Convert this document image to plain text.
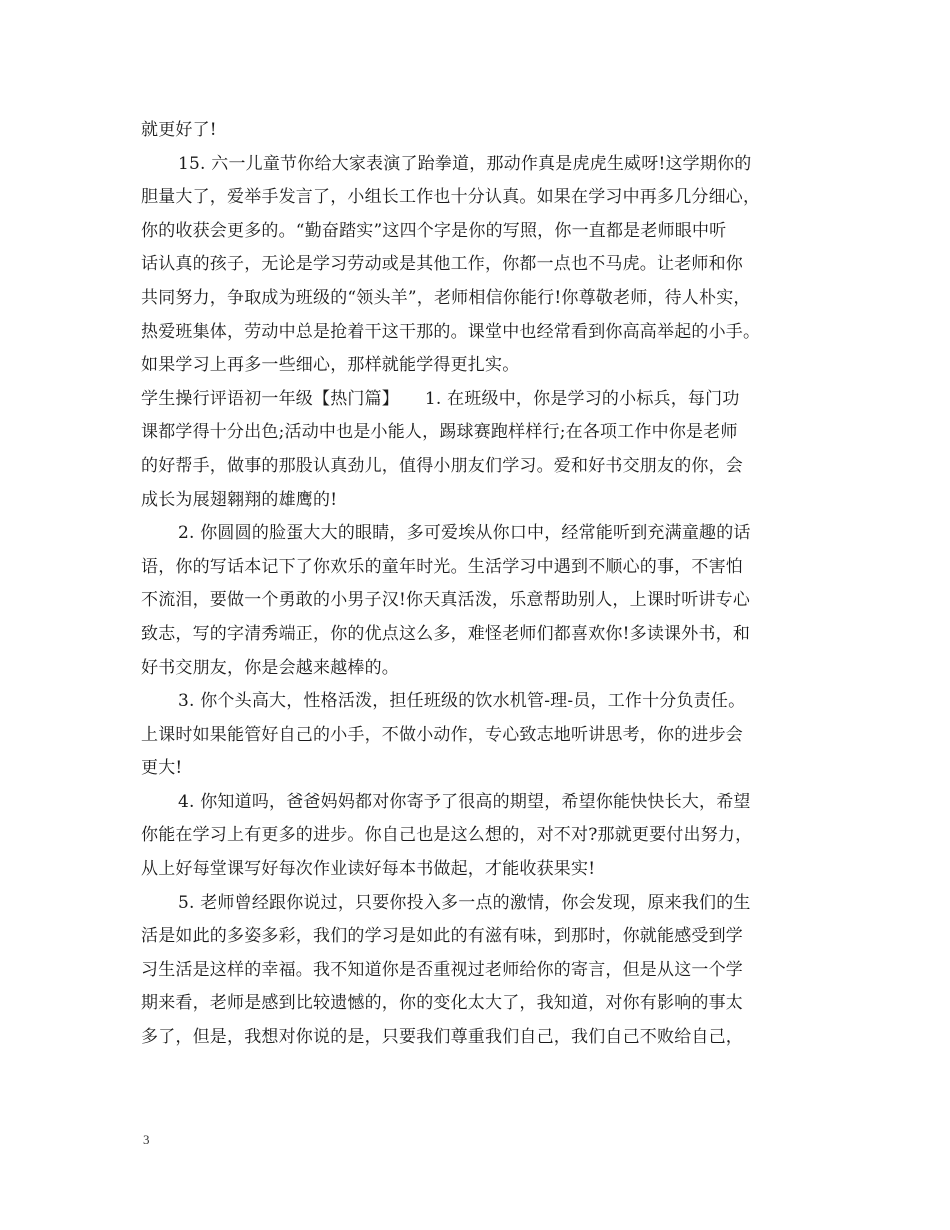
就更好了!
15. 六一儿童节你给大家表演了跆拳道，那动作真是虎虎生威呀!这学期你的
胆量大了，爱举手发言了，小组长工作也十分认真。如果在学习中再多几分细心，
你的收获会更多的。“勤奋踏实”这四个字是你的写照，你一直都是老师眼中听
话认真的孩子，无论是学习劳动或是其他工作，你都一点也不马虎。让老师和你
共同努力，争取成为班级的“领头羊”，老师相信你能行!你尊敬老师，待人朴实，
热爱班集体，劳动中总是抢着干这干那的。课堂中也经常看到你高高举起的小手。
如果学习上再多一些细心，那样就能学得更扎实。
学生操行评语初一年级【热门篇】　　1. 在班级中，你是学习的小标兵，每门功
课都学得十分出色;活动中也是小能人，踢球赛跑样样行;在各项工作中你是老师
的好帮手，做事的那股认真劲儿，值得小朋友们学习。爱和好书交朋友的你，会
成长为展翅翱翔的雄鹰的!
2. 你圆圆的脸蛋大大的眼睛，多可爱埃从你口中，经常能听到充满童趣的话
语，你的写话本记下了你欢乐的童年时光。生活学习中遇到不顺心的事，不害怕
不流泪，要做一个勇敢的小男子汉!你天真活泼，乐意帮助别人，上课时听讲专心
致志，写的字清秀端正，你的优点这么多，难怪老师们都喜欢你!多读课外书，和
好书交朋友，你是会越来越棒的。
3. 你个头高大，性格活泼，担任班级的饮水机管-理-员，工作十分负责任。
上课时如果能管好自己的小手，不做小动作，专心致志地听讲思考，你的进步会
更大!
4. 你知道吗，爸爸妈妈都对你寄予了很高的期望，希望你能快快长大，希望
你能在学习上有更多的进步。你自己也是这么想的，对不对?那就更要付出努力，
从上好每堂课写好每次作业读好每本书做起，才能收获果实!
5. 老师曾经跟你说过，只要你投入多一点的激情，你会发现，原来我们的生
活是如此的多姿多彩，我们的学习是如此的有滋有味，到那时，你就能感受到学
习生活是这样的幸福。我不知道你是否重视过老师给你的寄言，但是从这一个学
期来看，老师是感到比较遗憾的，你的变化太大了，我知道，对你有影响的事太
多了，但是，我想对你说的是，只要我们尊重我们自己，我们自己不败给自己，
3
